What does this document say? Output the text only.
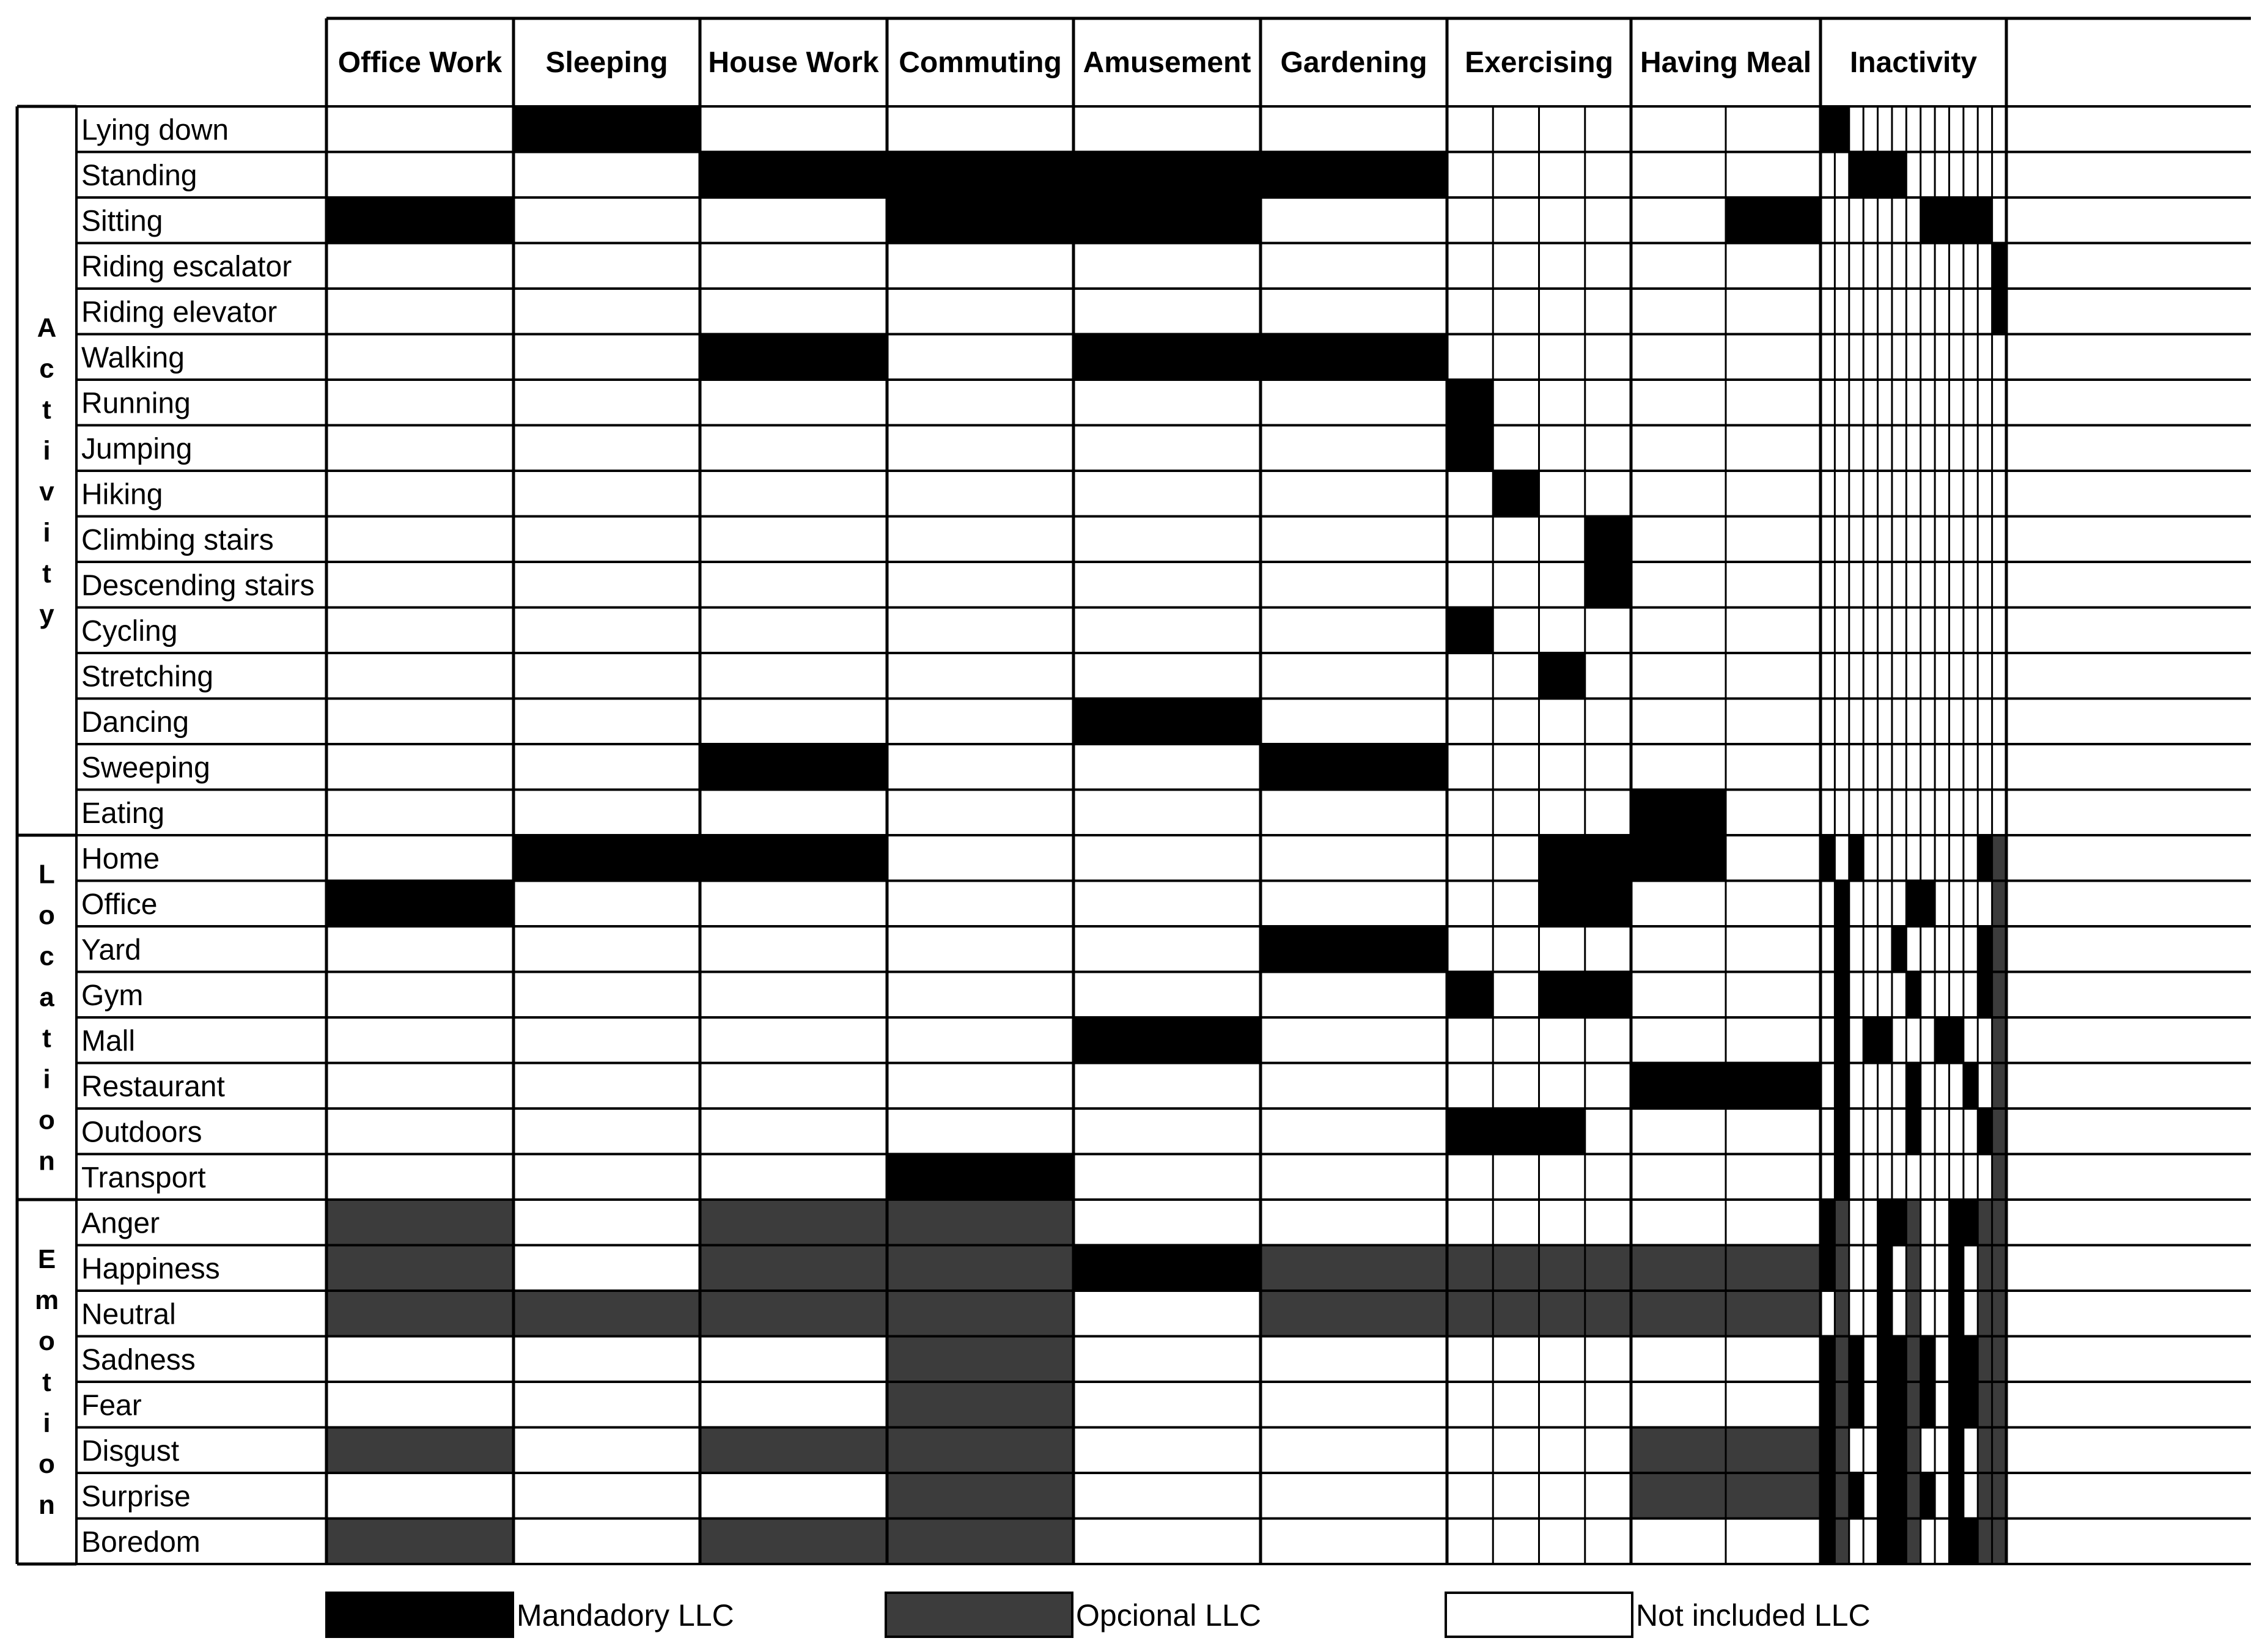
Office Work Sleeping House Work Commuting Amusement Gardening Exercising Having Meal Inactivity
Lying down
Standing
Sitting
Riding escalator
Riding elevator
Walking
Running
Jumping
Hiking
Climbing stairs
Descending stairs
Cycling
Stretching
Dancing
Sweeping
Eating
Home
Office
Yard
Gym
Mall
Restaurant
Outdoors
Transport
Anger
Happiness
Neutral
Sadness
Fear
Disgust
Surprise
Boredom
A c t i v i t y
L o c a t i o n
E m o t i o n
Mandadory LLC	Opcional LLC	Not included LLC
